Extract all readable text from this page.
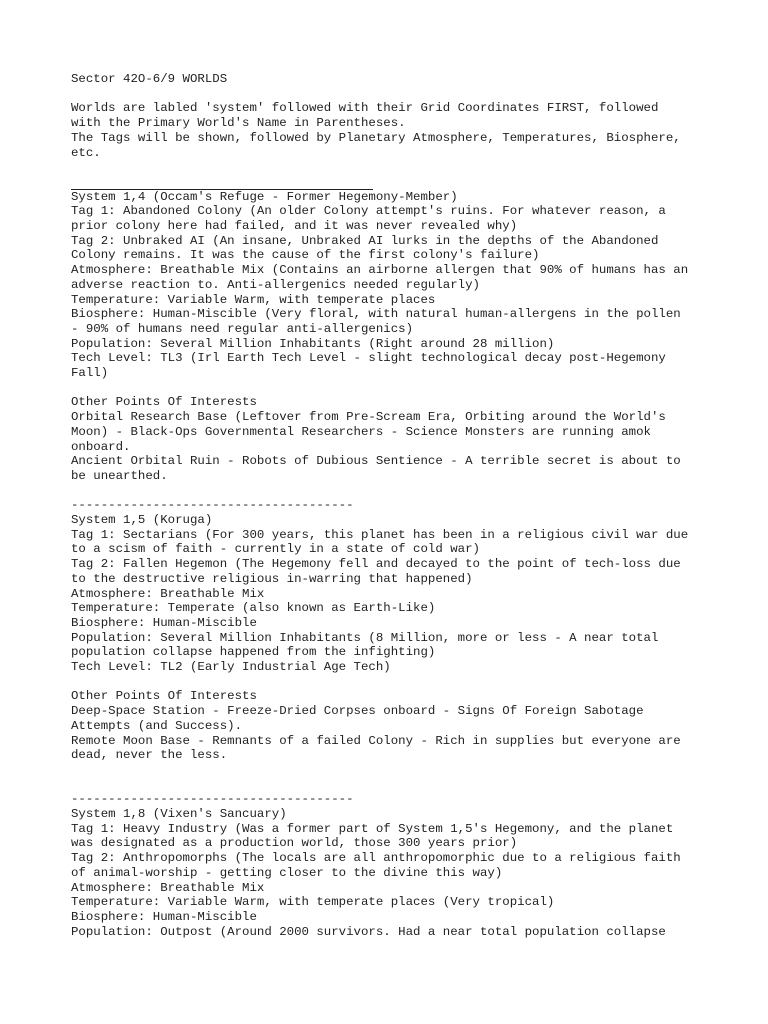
Sector 42O-6/9 WORLDS
Worlds are labled 'system' followed with their Grid Coordinates FIRST, followed
with the Primary World's Name in Parentheses.
The Tags will be shown, followed by Planetary Atmosphere, Temperatures, Biosphere,
etc.
System 1,4 (Occam's Refuge - Former Hegemony-Member)
Tag 1: Abandoned Colony (An older Colony attempt's ruins. For whatever reason, a
prior colony here had failed, and it was never revealed why)
Tag 2: Unbraked AI (An insane, Unbraked AI lurks in the depths of the Abandoned
Colony remains. It was the cause of the first colony's failure)
Atmosphere: Breathable Mix (Contains an airborne allergen that 90% of humans has an
adverse reaction to. Anti-allergenics needed regularly)
Temperature: Variable Warm, with temperate places
Biosphere: Human-Miscible (Very floral, with natural human-allergens in the pollen
- 90% of humans need regular anti-allergenics)
Population: Several Million Inhabitants (Right around 28 million)
Tech Level: TL3 (Irl Earth Tech Level - slight technological decay post-Hegemony
Fall)
Other Points Of Interests
Orbital Research Base (Leftover from Pre-Scream Era, Orbiting around the World's
Moon) - Black-Ops Governmental Researchers - Science Monsters are running amok
onboard.
Ancient Orbital Ruin - Robots of Dubious Sentience - A terrible secret is about to
be unearthed.
--------------------------------------
System 1,5 (Koruga)
Tag 1: Sectarians (For 300 years, this planet has been in a religious civil war due
to a scism of faith - currently in a state of cold war)
Tag 2: Fallen Hegemon (The Hegemony fell and decayed to the point of tech-loss due
to the destructive religious in-warring that happened)
Atmosphere: Breathable Mix
Temperature: Temperate (also known as Earth-Like)
Biosphere: Human-Miscible
Population: Several Million Inhabitants (8 Million, more or less - A near total
population collapse happened from the infighting)
Tech Level: TL2 (Early Industrial Age Tech)
Other Points Of Interests
Deep-Space Station - Freeze-Dried Corpses onboard - Signs Of Foreign Sabotage
Attempts (and Success).
Remote Moon Base - Remnants of a failed Colony - Rich in supplies but everyone are
dead, never the less.
--------------------------------------
System 1,8 (Vixen's Sancuary)
Tag 1: Heavy Industry (Was a former part of System 1,5's Hegemony, and the planet
was designated as a production world, those 300 years prior)
Tag 2: Anthropomorphs (The locals are all anthropomorphic due to a religious faith
of animal-worship - getting closer to the divine this way)
Atmosphere: Breathable Mix
Temperature: Variable Warm, with temperate places (Very tropical)
Biosphere: Human-Miscible
Population: Outpost (Around 2000 survivors. Had a near total population collapse
